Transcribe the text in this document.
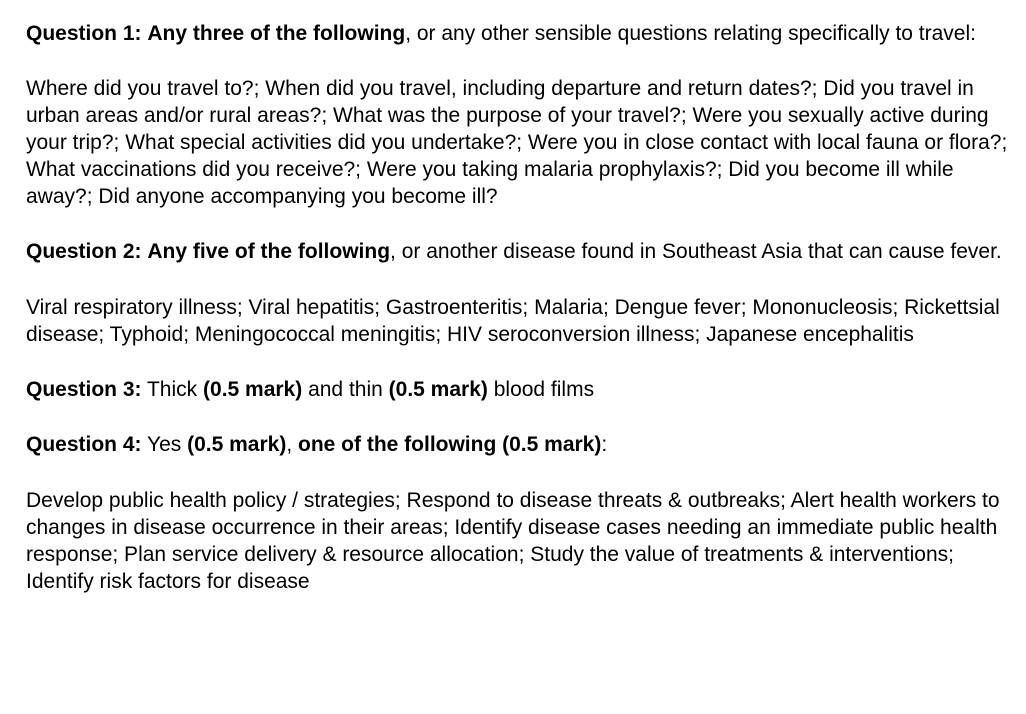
Question 1: Any three of the following, or any other sensible questions relating specifically to travel:

Where did you travel to?; When did you travel, including departure and return dates?; Did you travel in urban areas and/or rural areas?; What was the purpose of your travel?; Were you sexually active during your trip?; What special activities did you undertake?; Were you in close contact with local fauna or flora?; What vaccinations did you receive?; Were you taking malaria prophylaxis?; Did you become ill while away?; Did anyone accompanying you become ill?

Question 2: Any five of the following, or another disease found in Southeast Asia that can cause fever.

Viral respiratory illness; Viral hepatitis; Gastroenteritis; Malaria; Dengue fever; Mononucleosis; Rickettsial disease; Typhoid; Meningococcal meningitis; HIV seroconversion illness; Japanese encephalitis

Question 3: Thick (0.5 mark) and thin (0.5 mark) blood films

Question 4: Yes (0.5 mark), one of the following (0.5 mark):

Develop public health policy / strategies; Respond to disease threats & outbreaks; Alert health workers to changes in disease occurrence in their areas; Identify disease cases needing an immediate public health response; Plan service delivery & resource allocation; Study the value of treatments & interventions; Identify risk factors for disease
